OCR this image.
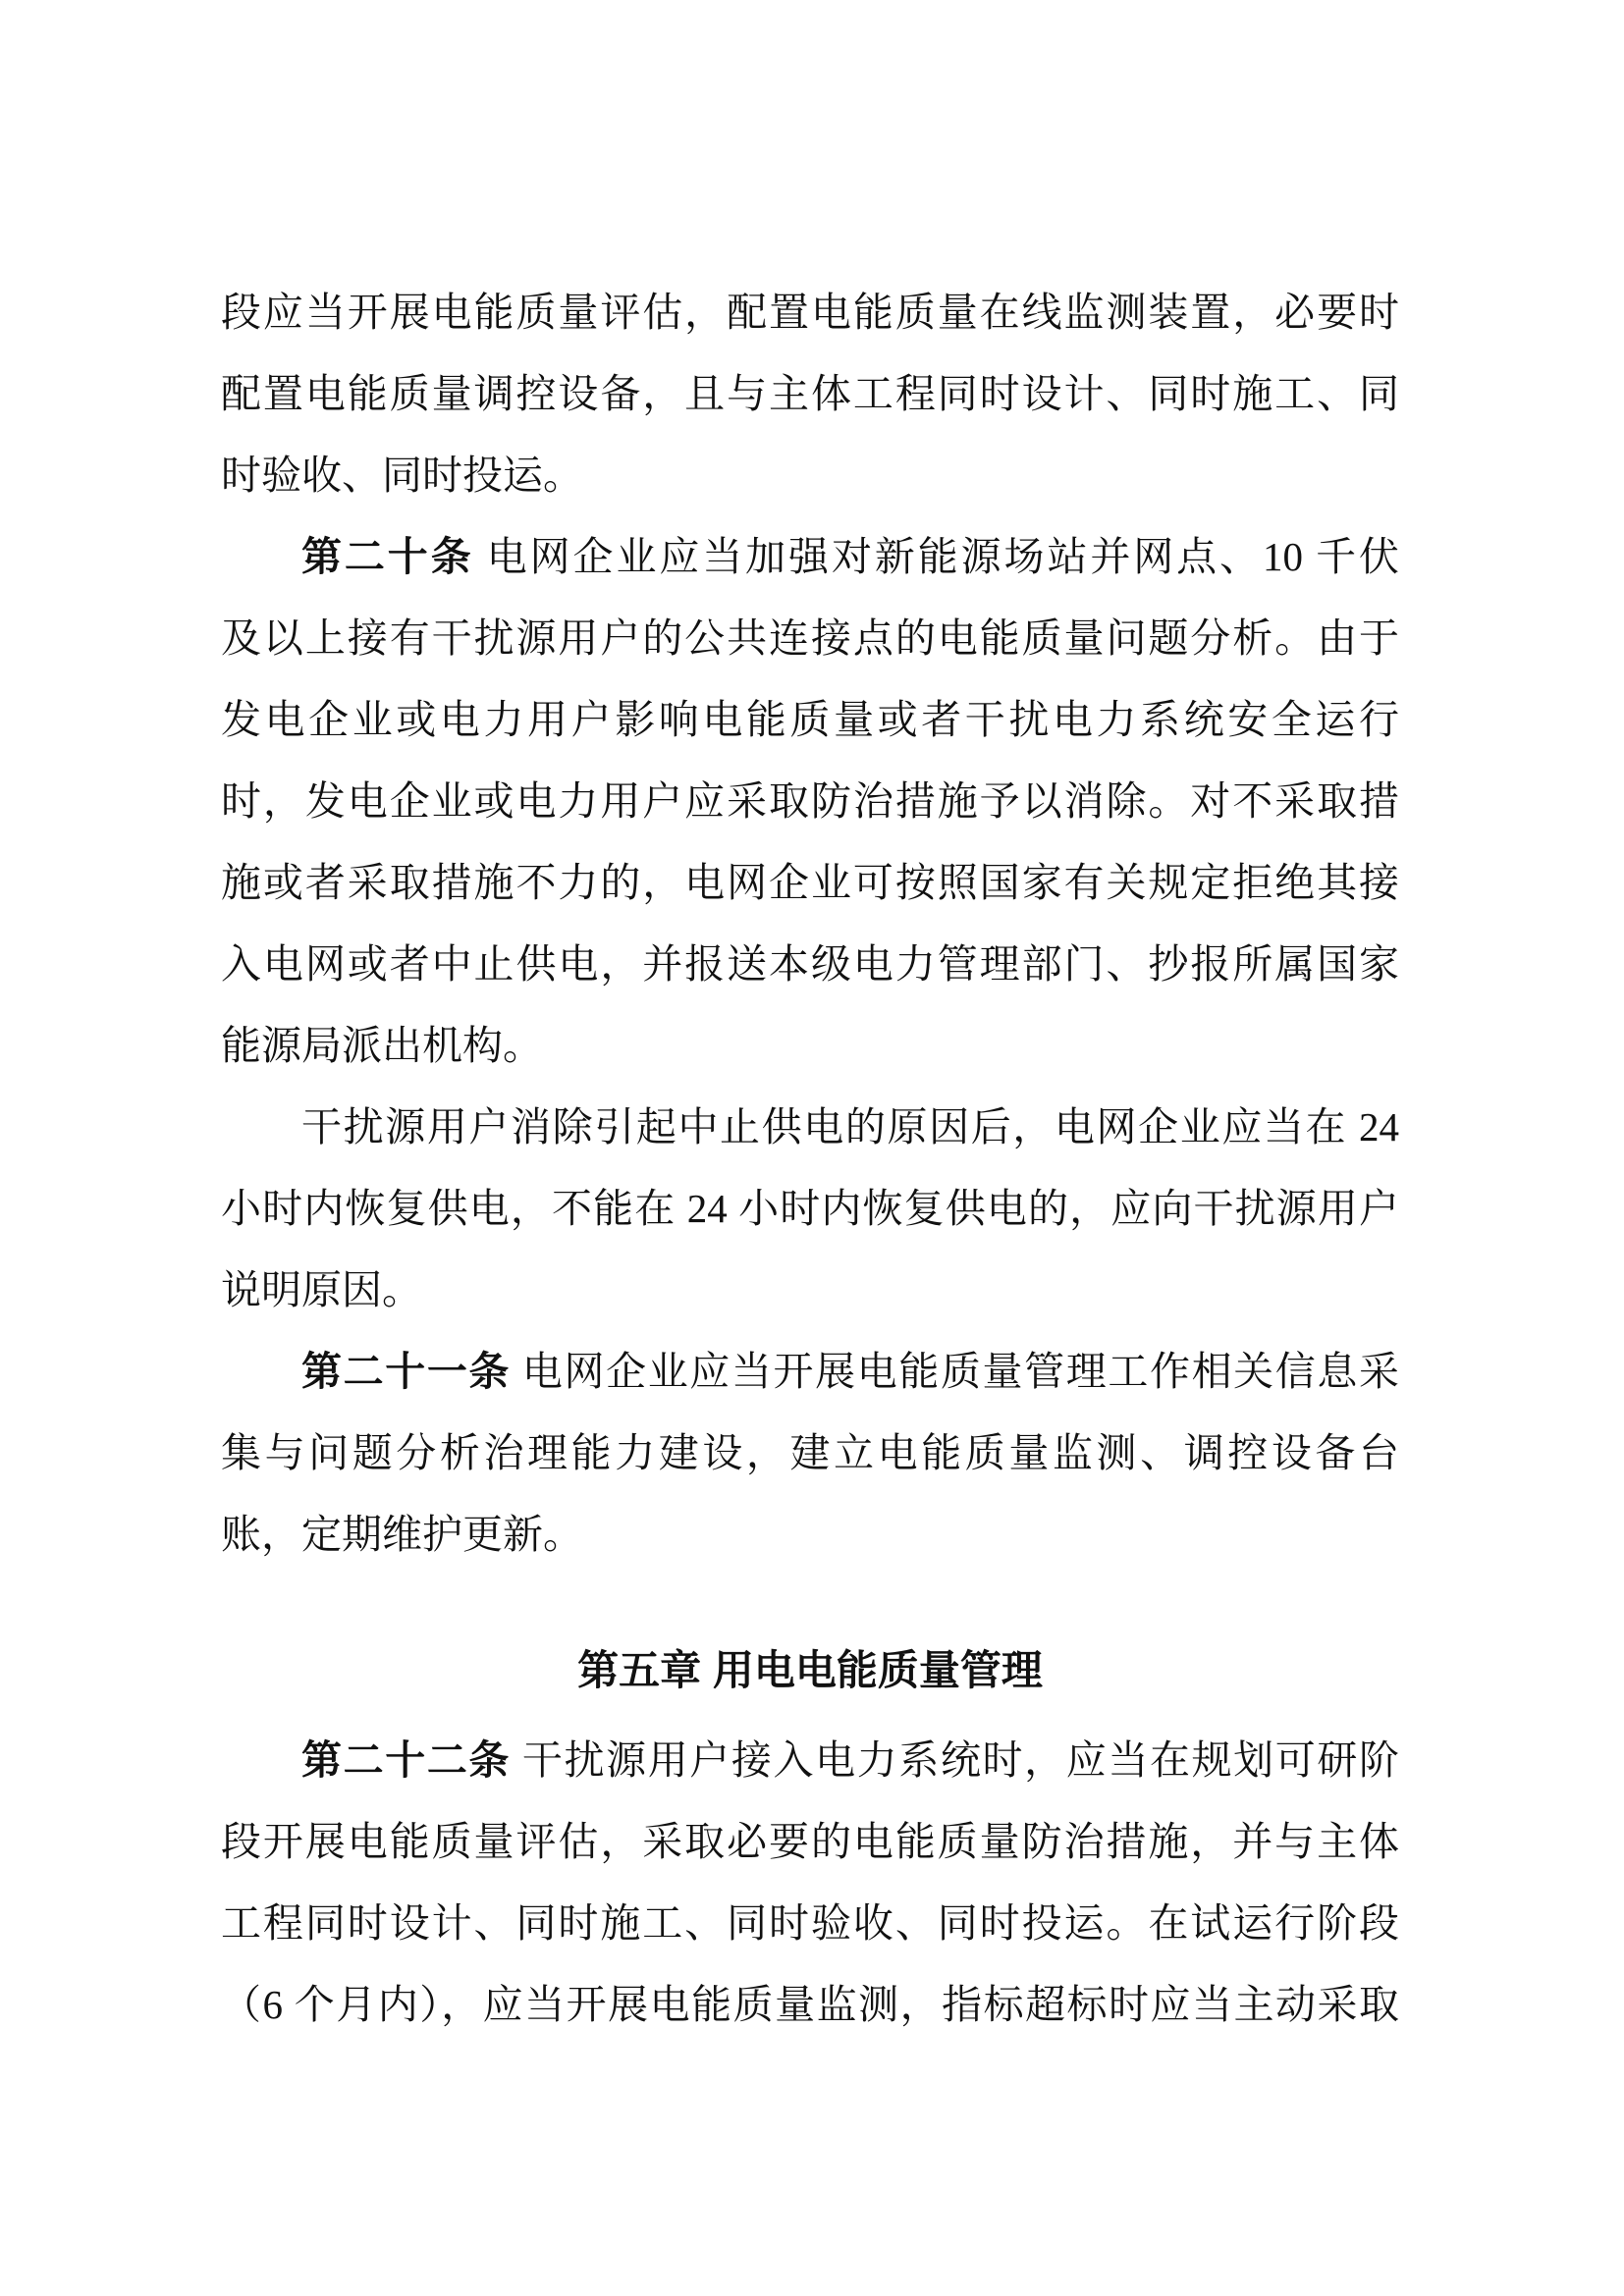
段应当开展电能质量评估，配置电能质量在线监测装置，必要时
配置电能质量调控设备，且与主体工程同时设计、同时施工、同
时验收、同时投运。
第二十条 电网企业应当加强对新能源场站并网点、10 千伏
及以上接有干扰源用户的公共连接点的电能质量问题分析。由于
发电企业或电力用户影响电能质量或者干扰电力系统安全运行
时，发电企业或电力用户应采取防治措施予以消除。对不采取措
施或者采取措施不力的，电网企业可按照国家有关规定拒绝其接
入电网或者中止供电，并报送本级电力管理部门、抄报所属国家
能源局派出机构。
干扰源用户消除引起中止供电的原因后，电网企业应当在 24
小时内恢复供电，不能在 24 小时内恢复供电的，应向干扰源用户
说明原因。
第二十一条 电网企业应当开展电能质量管理工作相关信息采
集与问题分析治理能力建设，建立电能质量监测、调控设备台
账，定期维护更新。
第五章 用电电能质量管理
第二十二条 干扰源用户接入电力系统时，应当在规划可研阶
段开展电能质量评估，采取必要的电能质量防治措施，并与主体
工程同时设计、同时施工、同时验收、同时投运。在试运行阶段
（6 个月内），应当开展电能质量监测，指标超标时应当主动采取
